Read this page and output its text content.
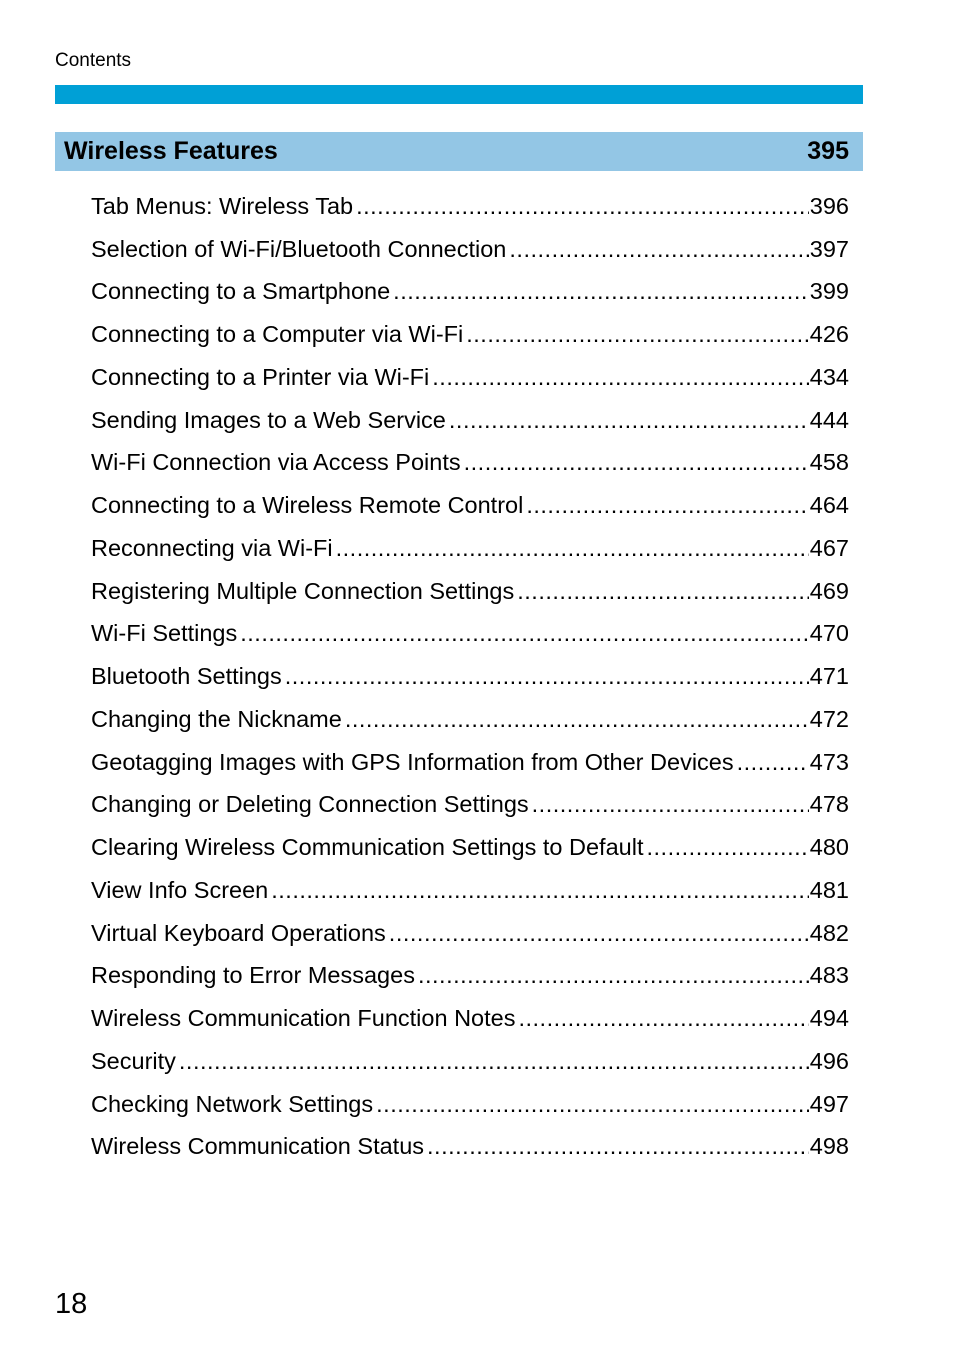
Contents
Wireless Features	395
Tab Menus: Wireless Tab .....	396
Selection of Wi-Fi/Bluetooth Connection .....	397
Connecting to a Smartphone .....	399
Connecting to a Computer via Wi-Fi .....	426
Connecting to a Printer via Wi-Fi .....	434
Sending Images to a Web Service .....	444
Wi-Fi Connection via Access Points .....	458
Connecting to a Wireless Remote Control .....	464
Reconnecting via Wi-Fi .....	467
Registering Multiple Connection Settings .....	469
Wi-Fi Settings .....	470
Bluetooth Settings .....	471
Changing the Nickname .....	472
Geotagging Images with GPS Information from Other Devices .....	473
Changing or Deleting Connection Settings .....	478
Clearing Wireless Communication Settings to Default .....	480
View Info Screen .....	481
Virtual Keyboard Operations .....	482
Responding to Error Messages .....	483
Wireless Communication Function Notes .....	494
Security .....	496
Checking Network Settings .....	497
Wireless Communication Status .....	498
18
